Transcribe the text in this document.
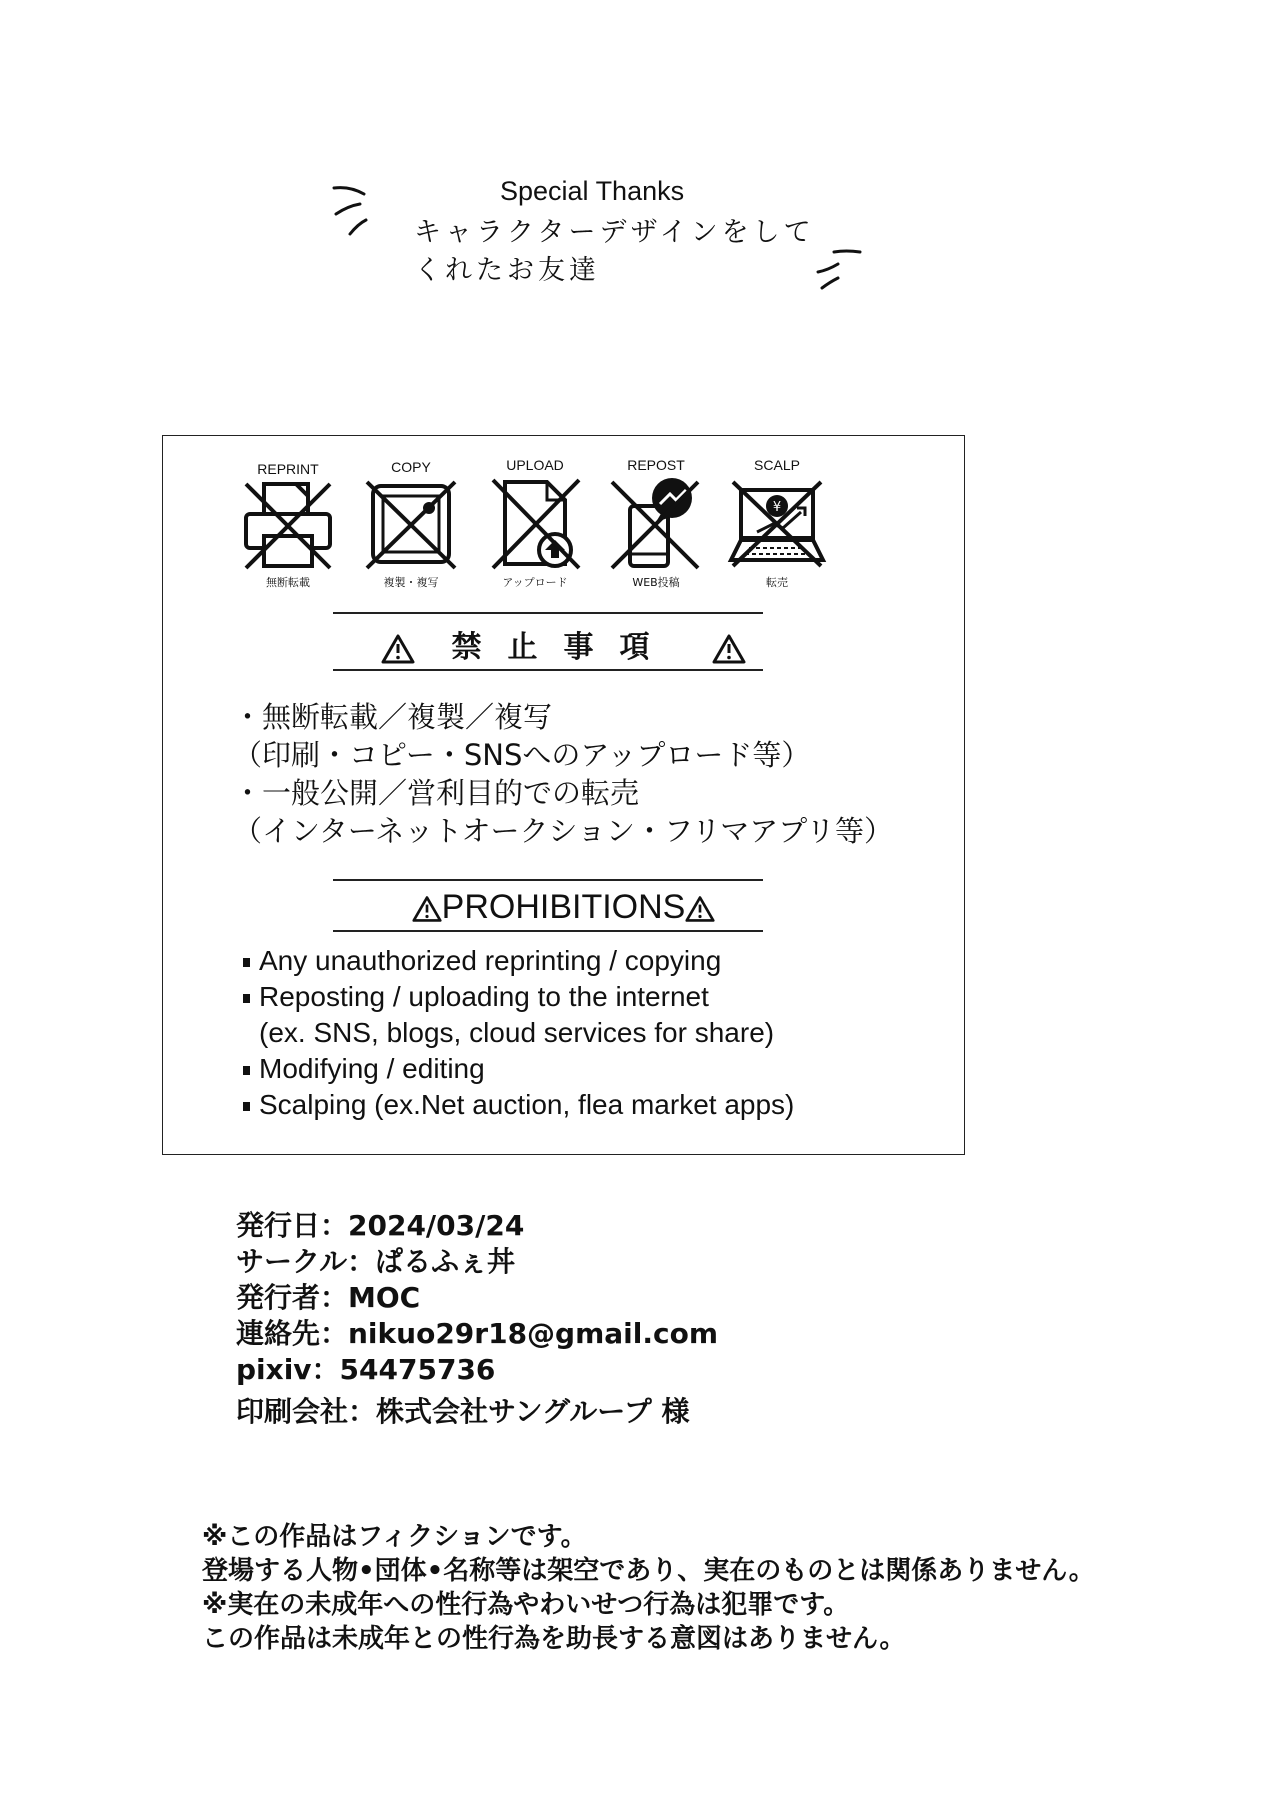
Special Thanks
キャラクターデザインをして
くれたお友達
REPRINT
無断転載
COPY
複製・複写
UPLOAD
アップロード
REPOST
WEB投稿
SCALP
¥
転売
禁止事項
・無断転載／複製／複写
（印刷・コピー・SNSへのアップロード等）
・一般公開／営利目的での転売
（インターネットオークション・フリマアプリ等）
PROHIBITIONS
Any unauthorized reprinting / copying
Reposting / uploading to the internet
(ex. SNS, blogs, cloud services for share)
Modifying / editing
Scalping (ex.Net auction, flea market apps)
発行日：2024/03/24
サークル：ぱるふぇ丼
発行者：MOC
連絡先：nikuo29r18@gmail.com
pixiv：54475736
印刷会社：株式会社サングループ 様
※この作品はフィクションです。
登場する人物•団体•名称等は架空であり、実在のものとは関係ありません。
※実在の未成年への性行為やわいせつ行為は犯罪です。
この作品は未成年との性行為を助長する意図はありません。
